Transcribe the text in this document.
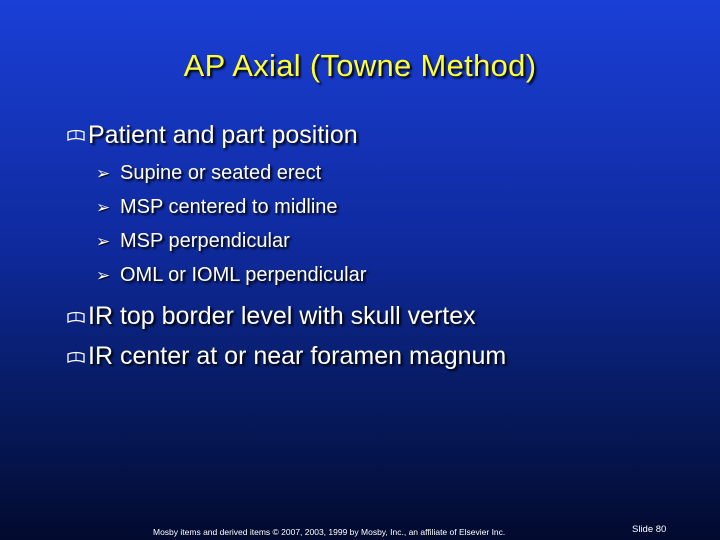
AP Axial (Towne Method)
Patient and part position
➢ Supine or seated erect
➢ MSP centered to midline
➢ MSP perpendicular
➢ OML or IOML perpendicular
IR top border level with skull vertex
IR center at or near foramen magnum
Mosby items and derived items © 2007, 2003, 1999 by Mosby, Inc., an affiliate of Elsevier Inc.	Slide 80
